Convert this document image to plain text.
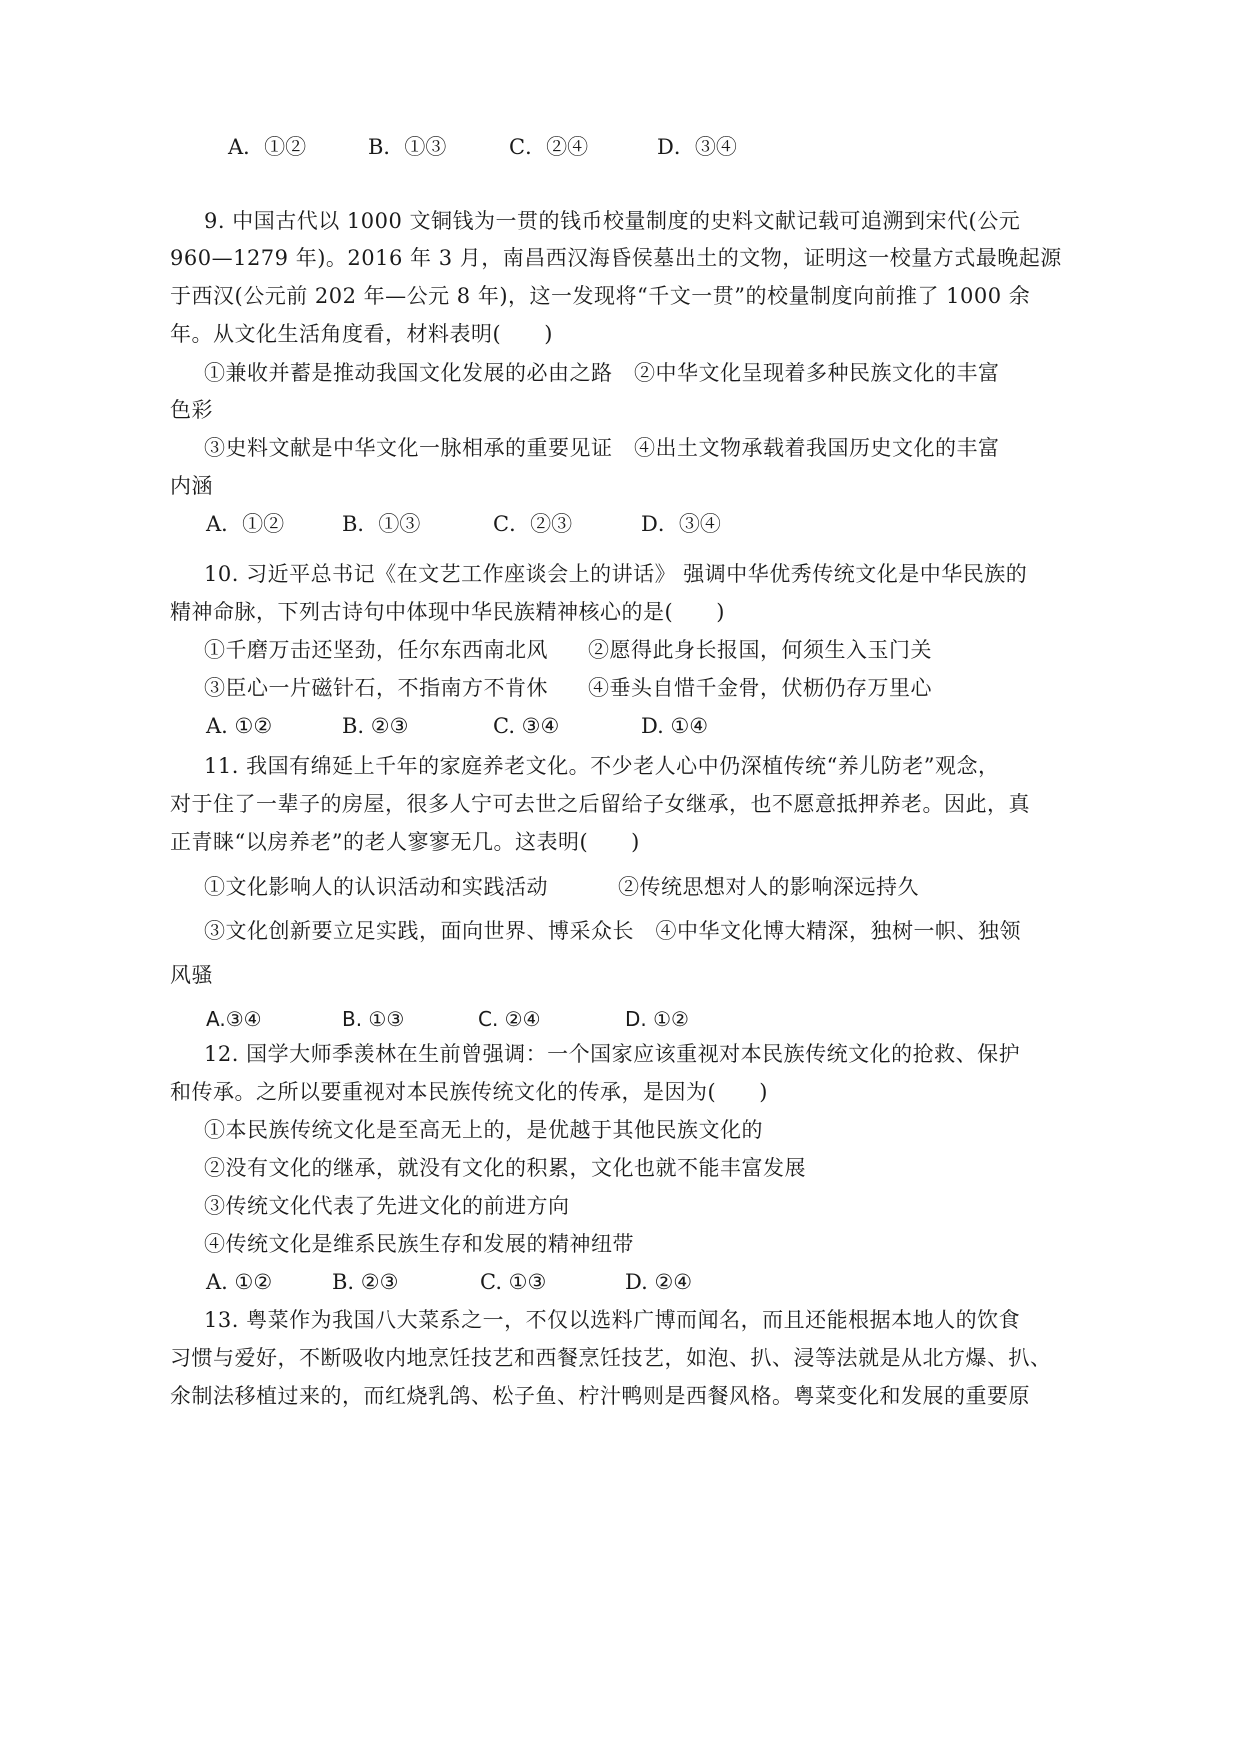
A．①②	B．①③	C．②④	D．③④
9. 中国古代以 1000 文铜钱为一贯的钱币校量制度的史料文献记载可追溯到宋代(公元
960—1279 年)。2016 年 3 月，南昌西汉海昏侯墓出土的文物，证明这一校量方式最晚起源
于西汉(公元前 202 年—公元 8 年)，这一发现将“千文一贯”的校量制度向前推了 1000 余
年。从文化生活角度看，材料表明(　　)
①兼收并蓄是推动我国文化发展的必由之路　②中华文化呈现着多种民族文化的丰富
色彩
③史料文献是中华文化一脉相承的重要见证　④出土文物承载着我国历史文化的丰富
内涵
A．①②	B．①③	C．②③	D．③④
10. 习近平总书记《在文艺工作座谈会上的讲话》 强调中华优秀传统文化是中华民族的
精神命脉，下列古诗句中体现中华民族精神核心的是(　　)
①千磨万击还坚劲，任尔东西南北风 ②愿得此身长报国，何须生入玉门关
③臣心一片磁针石，不指南方不肯休 ④垂头自惜千金骨，伏枥仍存万里心
A. ①②	B. ②③	C. ③④	D. ①④
11. 我国有绵延上千年的家庭养老文化。不少老人心中仍深植传统“养儿防老”观念，
对于住了一辈子的房屋，很多人宁可去世之后留给子女继承，也不愿意抵押养老。因此，真
正青睐“以房养老”的老人寥寥无几。这表明(　　)
①文化影响人的认识活动和实践活动	②传统思想对人的影响深远持久
③文化创新要立足实践，面向世界、博采众长　④中华文化博大精深，独树一帜、独领
风骚
A.③④	B. ①③	C. ②④	D. ①②
12. 国学大师季羡林在生前曾强调：一个国家应该重视对本民族传统文化的抢救、保护
和传承。之所以要重视对本民族传统文化的传承，是因为(　　)
①本民族传统文化是至高无上的，是优越于其他民族文化的
②没有文化的继承，就没有文化的积累，文化也就不能丰富发展
③传统文化代表了先进文化的前进方向
④传统文化是维系民族生存和发展的精神纽带
A. ①②	B. ②③	C. ①③	D. ②④
13. 粤菜作为我国八大菜系之一，不仅以选料广博而闻名，而且还能根据本地人的饮食
习惯与爱好，不断吸收内地烹饪技艺和西餐烹饪技艺，如泡、扒、浸等法就是从北方爆、扒、
氽制法移植过来的，而红烧乳鸽、松子鱼、柠汁鸭则是西餐风格。粤菜变化和发展的重要原
